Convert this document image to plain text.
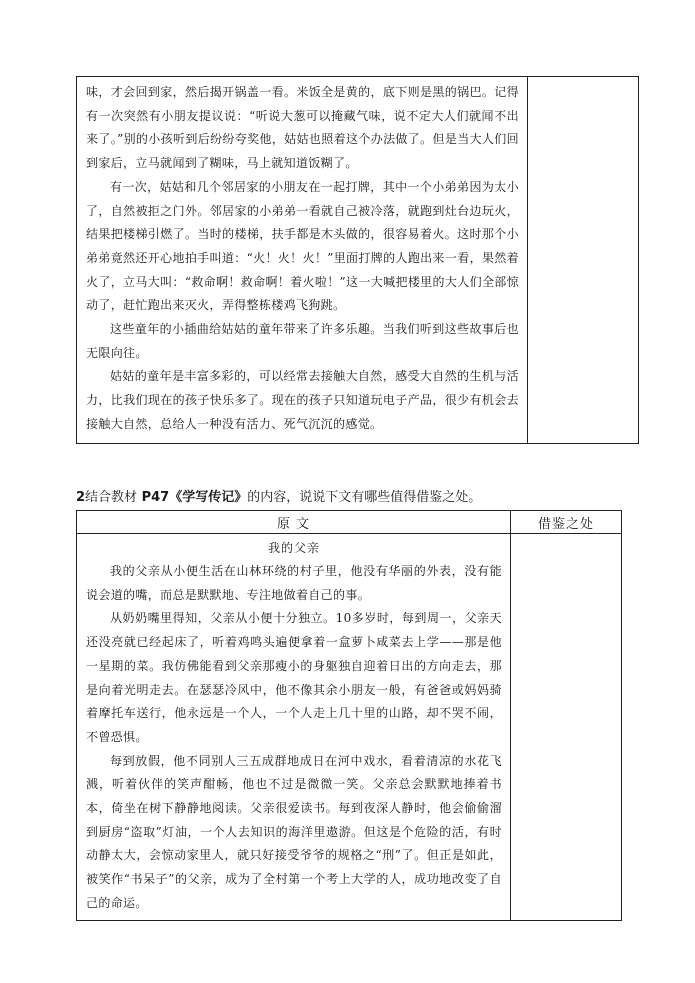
味，才会回到家，然后揭开锅盖一看。米饭全是黄的，底下则是黑的锅巴。记得有一次突然有小朋友提议说：“听说大葱可以掩藏气味，说不定大人们就闻不出来了。”别的小孩听到后纷纷夸奖他，姑姑也照着这个办法做了。但是当大人们回到家后，立马就闻到了糊味，马上就知道饭糊了。

有一次，姑姑和几个邻居家的小朋友在一起打牌，其中一个小弟弟因为太小了，自然被拒之门外。邻居家的小弟弟一看就自己被冷落，就跑到灶台边玩火，结果把楼梯引燃了。当时的楼梯，扶手都是木头做的，很容易着火。这时那个小弟弟竟然还开心地拍手叫道：“火！火！火！”里面打牌的人跑出来一看，果然着火了，立马大叫：“救命啊！救命啊！着火啦！”这一大喊把楼里的大人们全部惊动了，赶忙跑出来灭火，弄得整栋楼鸡飞狗跳。

这些童年的小插曲给姑姑的童年带来了许多乐趣。当我们听到这些故事后也无限向往。

姑姑的童年是丰富多彩的，可以经常去接触大自然，感受大自然的生机与活力，比我们现在的孩子快乐多了。现在的孩子只知道玩电子产品，很少有机会去接触大自然，总给人一种没有活力、死气沉沉的感觉。

2结合教材 P47《学写传记》的内容，说说下文有哪些值得借鉴之处。
原 文	借鉴之处

我的父亲

我的父亲从小便生活在山林环绕的村子里，他没有华丽的外表，没有能说会道的嘴，而总是默默地、专注地做着自己的事。

从奶奶嘴里得知，父亲从小便十分独立。10多岁时，每到周一，父亲天还没亮就已经起床了，听着鸡鸣头遍便拿着一盒萝卜咸菜去上学——那是他一星期的菜。我仿佛能看到父亲那瘦小的身躯独自迎着日出的方向走去，那是向着光明走去。在瑟瑟冷风中，他不像其余小朋友一般，有爸爸或妈妈骑着摩托车送行，他永远是一个人，一个人走上几十里的山路，却不哭不闹，不曾恐惧。

每到放假，他不同别人三五成群地成日在河中戏水，看着清凉的水花飞溅，听着伙伴的笑声酣畅，他也不过是微微一笑。父亲总会默默地捧着书本，倚坐在树下静静地阅读。父亲很爱读书。每到夜深人静时，他会偷偷溜到厨房“盗取”灯油，一个人去知识的海洋里遨游。但这是个危险的活，有时动静太大，会惊动家里人，就只好接受爷爷的规格之“刑”了。但正是如此，被笑作“书呆子”的父亲，成为了全村第一个考上大学的人，成功地改变了自己的命运。	
